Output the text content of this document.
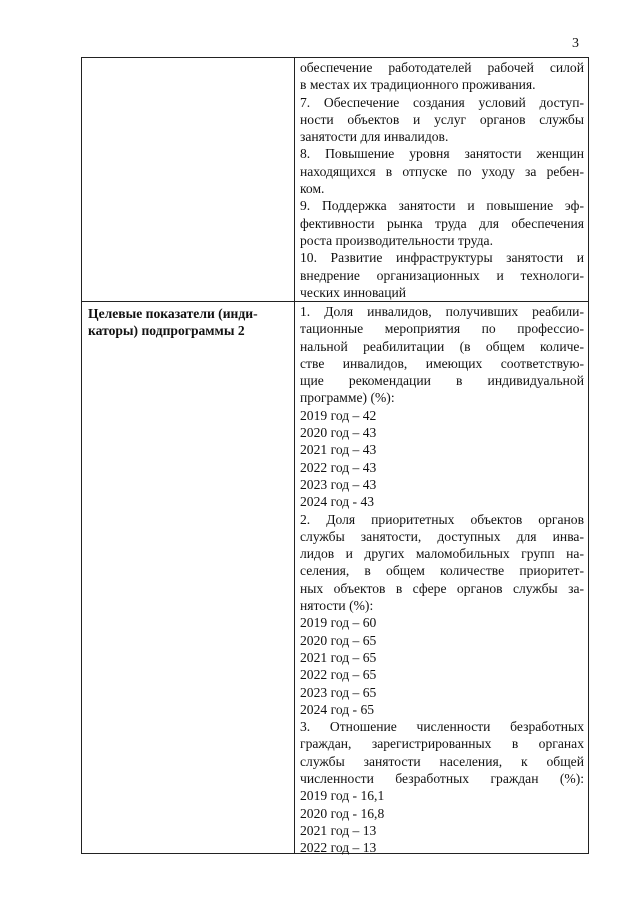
3
обеспечение работодателей рабочей силой
в местах их традиционного проживания.
7. Обеспечение создания условий доступ-
ности объектов и услуг органов службы
занятости для инвалидов.
8. Повышение уровня занятости женщин
находящихся в отпуске по уходу за ребен-
ком.
9. Поддержка занятости и повышение эф-
фективности рынка труда для обеспечения
роста производительности труда.
10. Развитие инфраструктуры занятости и
внедрение организационных и технологи-
ческих инноваций
Целевые показатели (инди-
каторы) подпрограммы 2
1. Доля инвалидов, получивших реабили-
тационные мероприятия по профессио-
нальной реабилитации (в общем количе-
стве инвалидов, имеющих соответствую-
щие рекомендации в индивидуальной
программе) (%):
2019 год – 42
2020 год – 43
2021 год – 43
2022 год – 43
2023 год – 43
2024 год - 43
2. Доля приоритетных объектов органов
службы занятости, доступных для инва-
лидов и других маломобильных групп на-
селения, в общем количестве приоритет-
ных объектов в сфере органов службы за-
нятости (%):
2019 год – 60
2020 год – 65
2021 год – 65
2022 год – 65
2023 год – 65
2024 год - 65
3. Отношение численности безработных
граждан, зарегистрированных в органах
службы занятости населения, к общей
численности безработных граждан (%):
2019 год - 16,1
2020 год - 16,8
2021 год – 13
2022 год – 13
